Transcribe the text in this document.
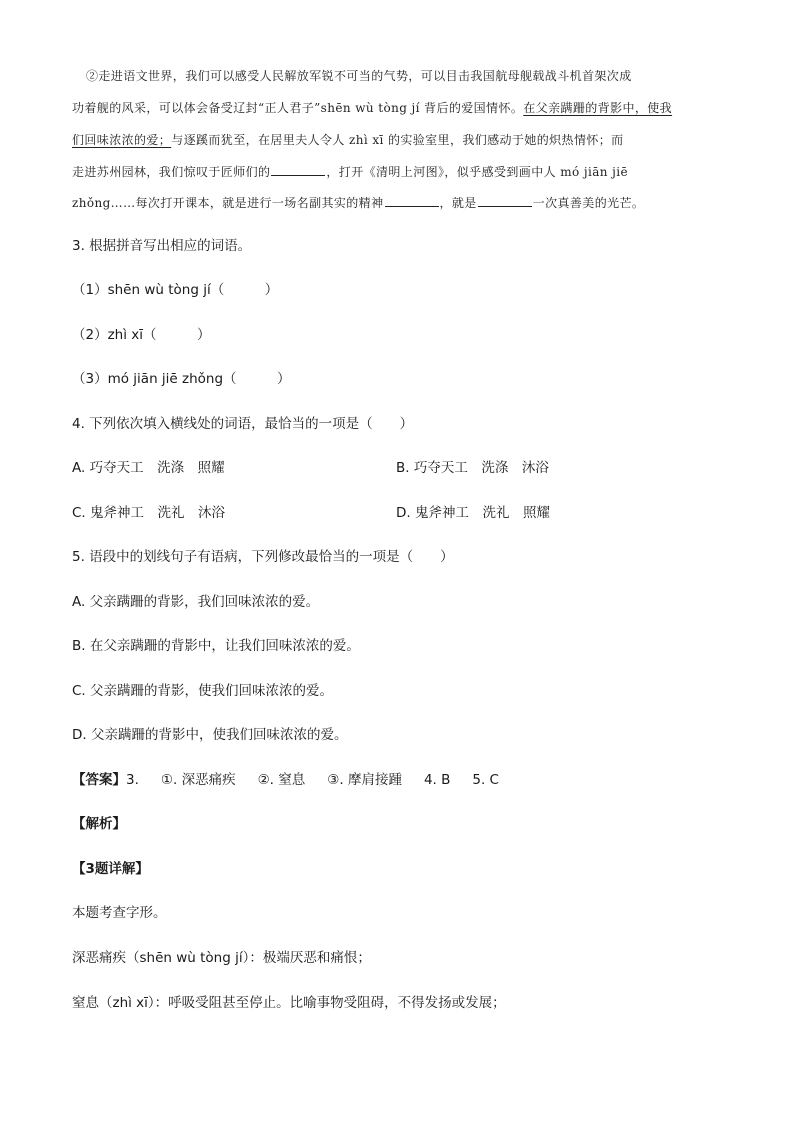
②走进语文世界，我们可以感受人民解放军锐不可当的气势，可以目击我国航母舰载战斗机首架次成
功着舰的风采，可以体会备受辽封“正人君子”shēn wù tòng jí 背后的爱国情怀。在父亲蹒跚的背影中，使我
们回味浓浓的爱；与逐蹊而犹至，在居里夫人令人 zhì xī 的实验室里，我们感动于她的炽热情怀；而
走进苏州园林，我们惊叹于匠师们的	，打开《清明上河图》，似乎感受到画中人 mó jiān jiē
zhǒng……每次打开课本，就是进行一场名副其实的精神	，就是	一次真善美的光芒。
3. 根据拼音写出相应的词语。
（1）shēn wù tòng jí（　　　）
（2）zhì xī（　　　）
（3）mó jiān jiē zhǒng（　　　）
4. 下列依次填入横线处的词语，最恰当的一项是（　　）
A. 巧夺天工　洗涤　照耀	B. 巧夺天工　洗涤　沐浴
C. 鬼斧神工　洗礼　沐浴	D. 鬼斧神工　洗礼　照耀
5. 语段中的划线句子有语病，下列修改最恰当的一项是（　　）
A. 父亲蹒跚的背影，我们回味浓浓的爱。
B. 在父亲蹒跚的背影中，让我们回味浓浓的爱。
C. 父亲蹒跚的背影，使我们回味浓浓的爱。
D. 父亲蹒跚的背影中，使我们回味浓浓的爱。
【答案】3. ①. 深恶痛疾 ②. 窒息 ③. 摩肩接踵 4. B 5. C
【解析】
【3题详解】
本题考查字形。
深恶痛疾（shēn wù tòng jí）：极端厌恶和痛恨；
窒息（zhì xī）：呼吸受阻甚至停止。比喻事物受阻碍，不得发扬或发展；
